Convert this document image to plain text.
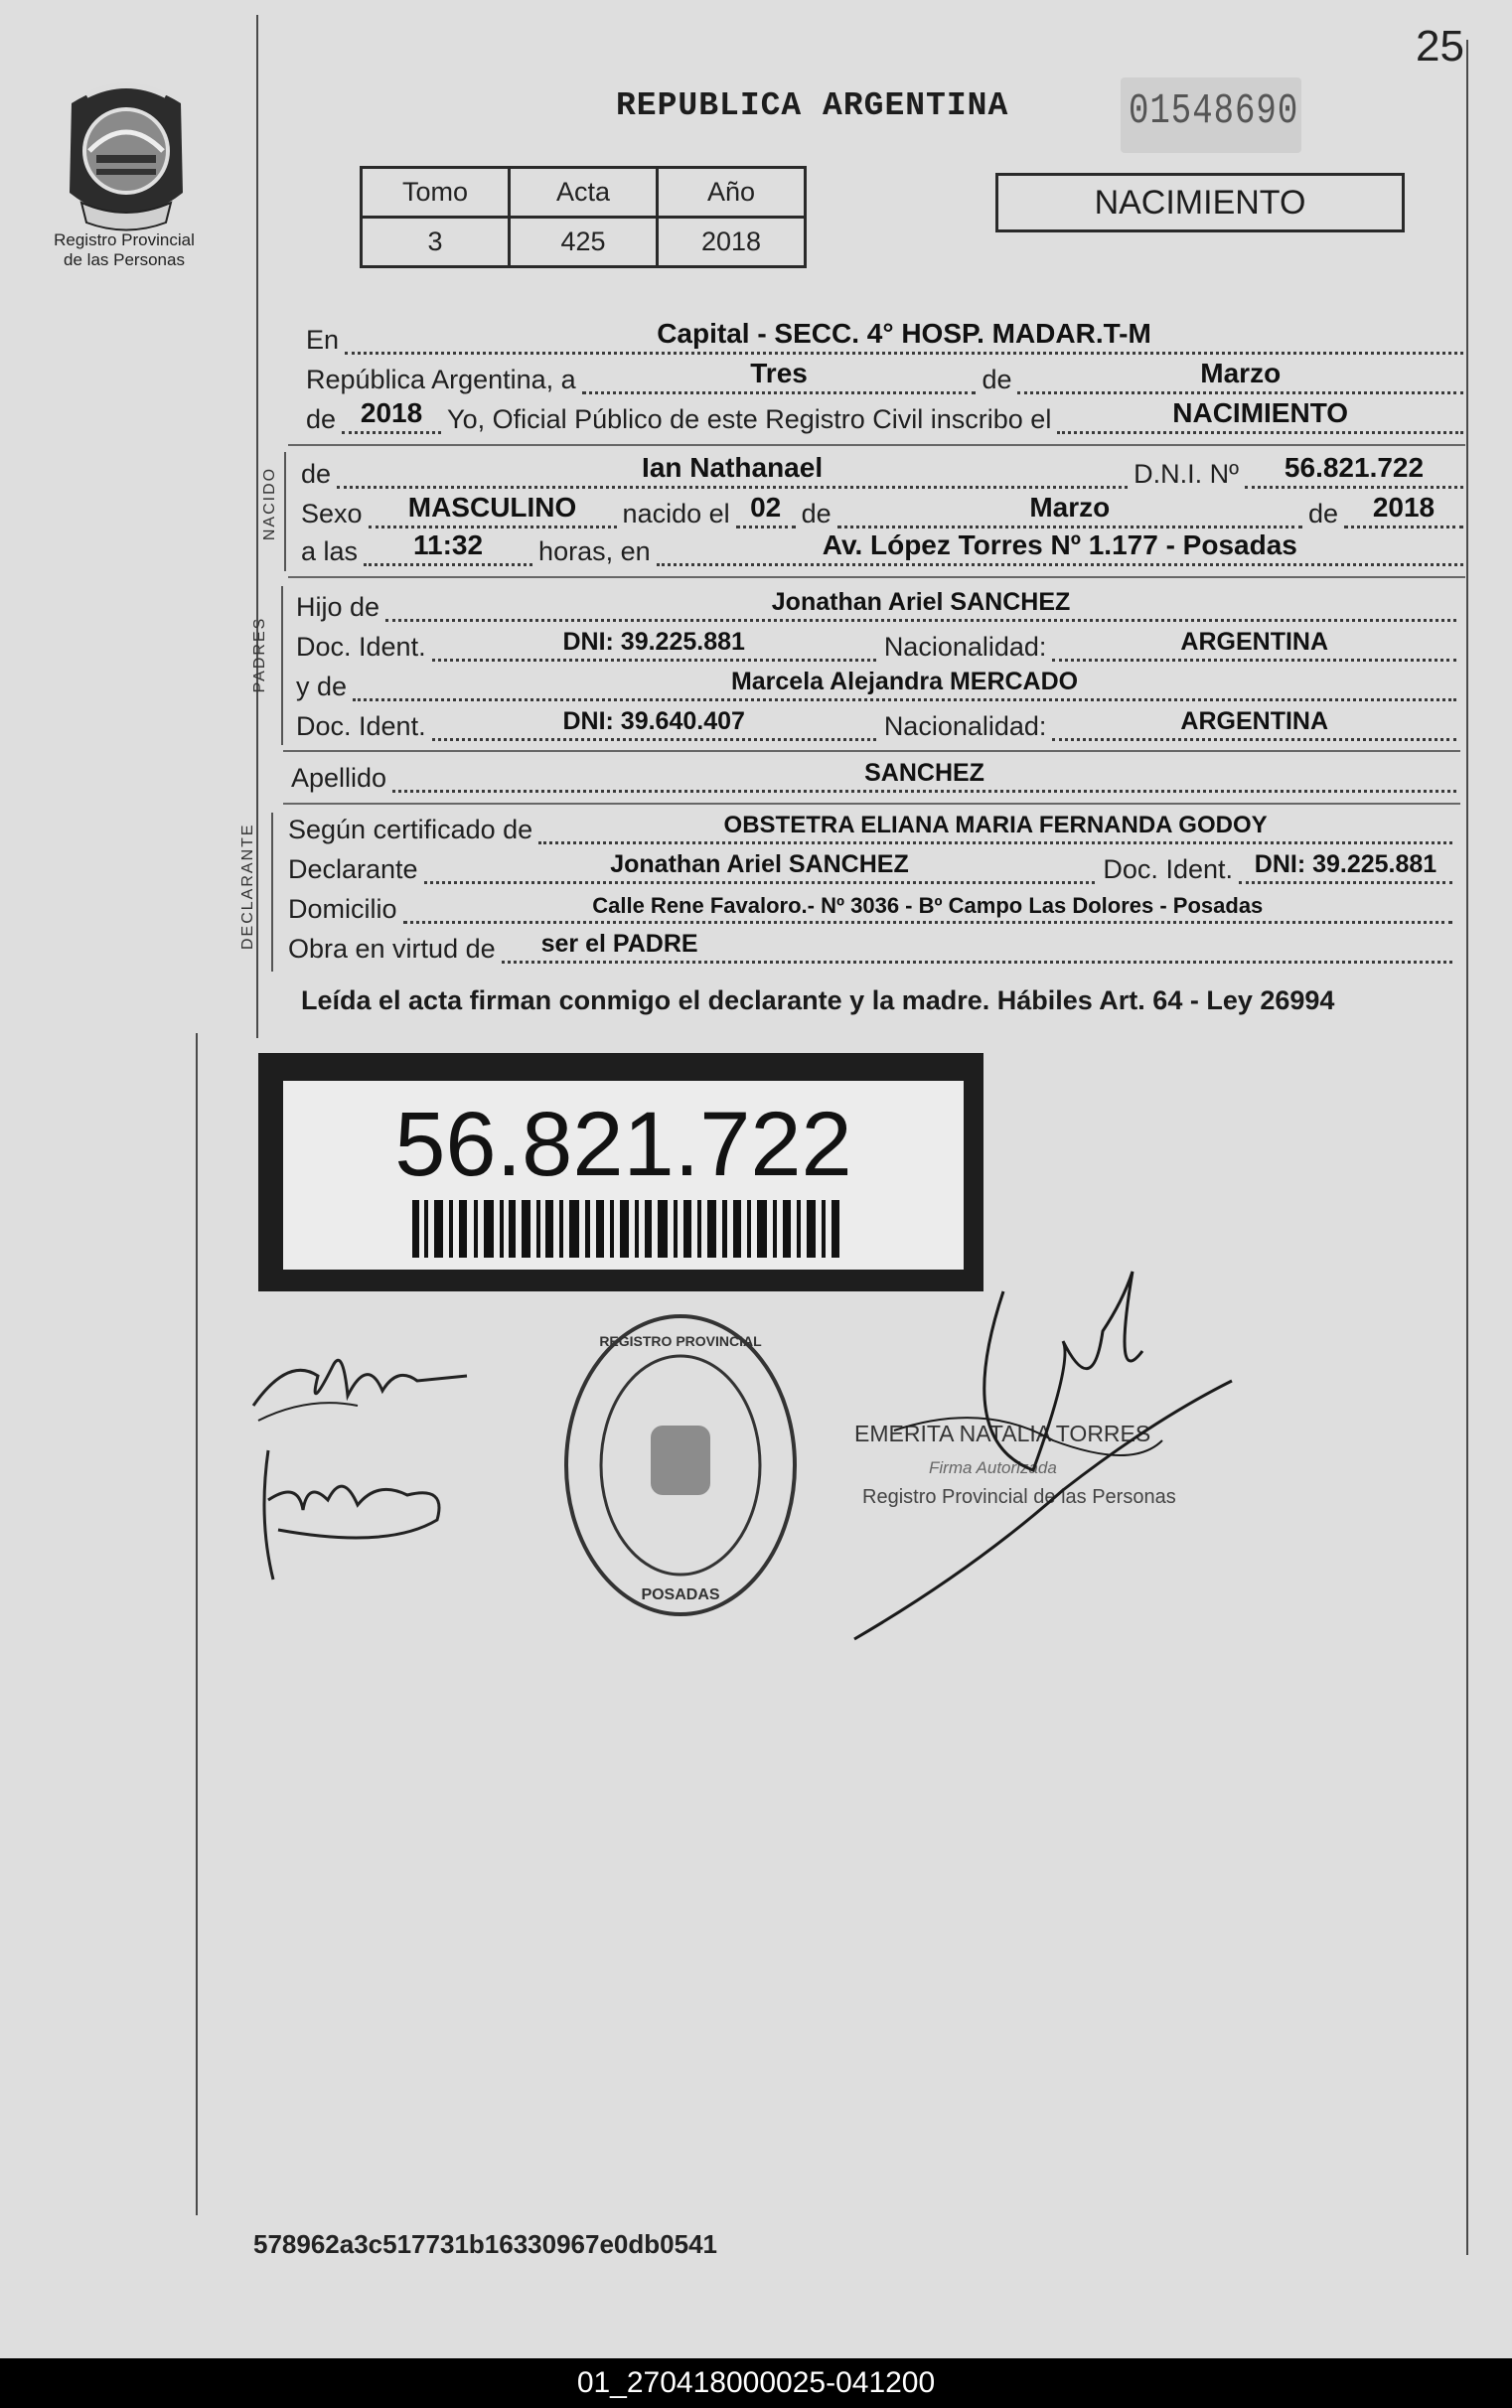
25
Registro Provincial
de las Personas
REPUBLICA ARGENTINA	01548690
Tomo	Acta	Año
3	425	2018
NACIMIENTO
En	Capital - SECC. 4° HOSP. MADAR.T-M
República Argentina, a	Tres	de	Marzo
de 2018 Yo, Oficial Público de este Registro Civil inscribo el	NACIMIENTO
NACIDO de	Ian Nathanael	D.N.I. Nº	56.821.722
Sexo	MASCULINO	nacido el 02 de	Marzo	de	2018
a las	11:32	horas, en	Av. López Torres Nº 1.177 - Posadas
PADRES
Hijo de	Jonathan Ariel SANCHEZ
Doc. Ident.	DNI: 39.225.881	Nacionalidad:	ARGENTINA
y de	Marcela Alejandra MERCADO
Doc. Ident.	DNI: 39.640.407	Nacionalidad:	ARGENTINA
Apellido	SANCHEZ
DECLARANTE Según certificado de	OBSTETRA ELIANA MARIA FERNANDA GODOY
Declarante	Jonathan Ariel SANCHEZ	Doc. Ident. DNI: 39.225.881
Domicilio	Calle Rene Favaloro.- Nº 3036 - Bº Campo Las Dolores - Posadas
Obra en virtud de	ser el PADRE
Leída el acta firman conmigo el declarante y la madre. Hábiles Art. 64 - Ley 26994
56.821.722
REGISTRO PROVINCIAL
POSADAS
EMERITA NATALIA TORRES
Firma Autorizada
Registro Provincial de las Personas
578962a3c517731b16330967e0db0541
01_270418000025-041200
